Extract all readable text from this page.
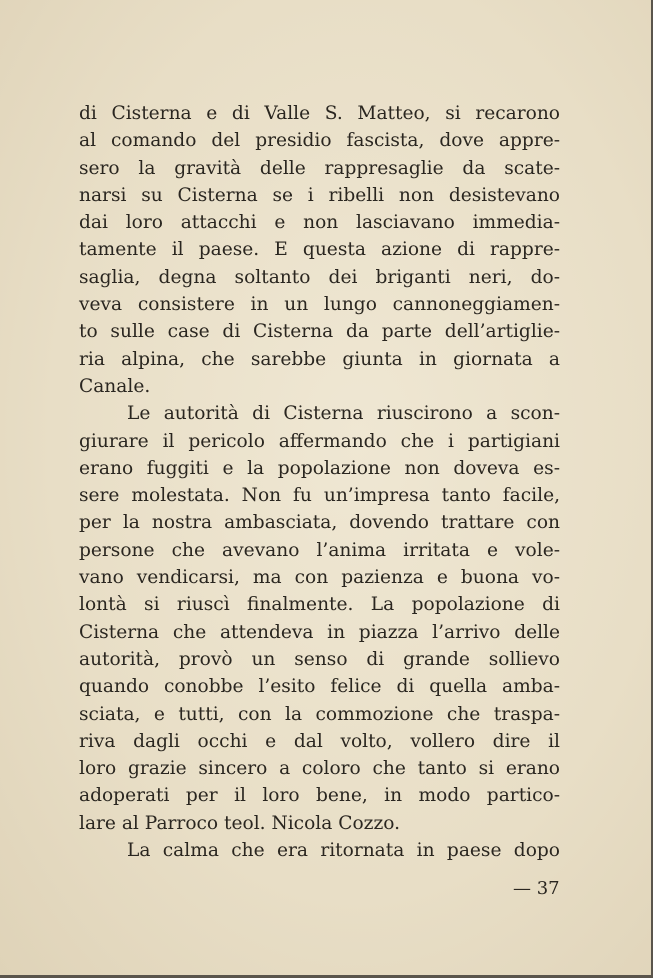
di Cisterna e di Valle S. Matteo, si recarono
al comando del presidio fascista, dove appre-
sero la gravità delle rappresaglie da scate-
narsi su Cisterna se i ribelli non desistevano
dai loro attacchi e non lasciavano immedia-
tamente il paese. E questa azione di rappre-
saglia, degna soltanto dei briganti neri, do-
veva consistere in un lungo cannoneggiamen-
to sulle case di Cisterna da parte dell’artiglie-
ria alpina, che sarebbe giunta in giornata a
Canale.
Le autorità di Cisterna riuscirono a scon-
giurare il pericolo affermando che i partigiani
erano fuggiti e la popolazione non doveva es-
sere molestata. Non fu un’impresa tanto facile,
per la nostra ambasciata, dovendo trattare con
persone che avevano l’anima irritata e vole-
vano vendicarsi, ma con pazienza e buona vo-
lontà si riuscì finalmente. La popolazione di
Cisterna che attendeva in piazza l’arrivo delle
autorità, provò un senso di grande sollievo
quando conobbe l’esito felice di quella amba-
sciata, e tutti, con la commozione che traspa-
riva dagli occhi e dal volto, vollero dire il
loro grazie sincero a coloro che tanto si erano
adoperati per il loro bene, in modo partico-
lare al Parroco teol. Nicola Cozzo.
La calma che era ritornata in paese dopo
— 37
